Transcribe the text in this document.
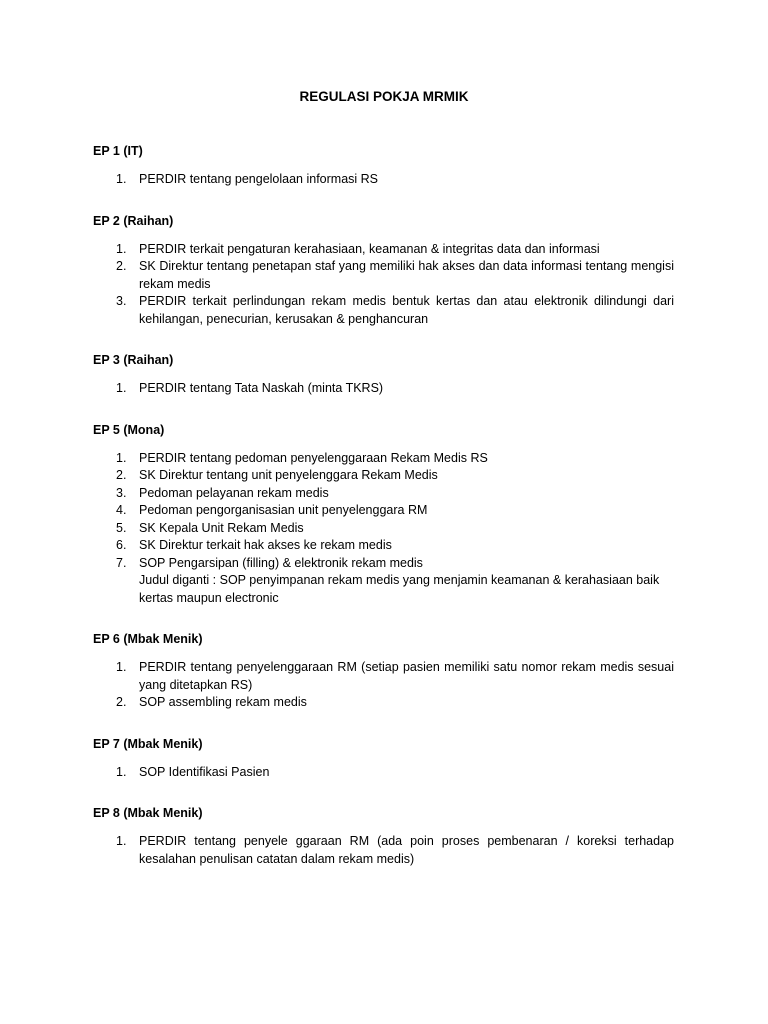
REGULASI POKJA MRMIK
EP 1 (IT)
1. PERDIR tentang pengelolaan informasi RS
EP 2 (Raihan)
1. PERDIR terkait pengaturan kerahasiaan, keamanan & integritas data dan informasi
2. SK Direktur tentang penetapan staf yang memiliki hak akses dan data informasi tentang mengisi rekam medis
3. PERDIR terkait perlindungan rekam medis bentuk kertas dan atau elektronik dilindungi dari kehilangan, penecurian, kerusakan & penghancuran
EP 3 (Raihan)
1. PERDIR tentang Tata Naskah (minta TKRS)
EP 5 (Mona)
1. PERDIR tentang pedoman penyelenggaraan Rekam Medis RS
2. SK Direktur tentang unit penyelenggara Rekam Medis
3. Pedoman pelayanan rekam medis
4. Pedoman pengorganisasian unit penyelenggara RM
5. SK Kepala Unit Rekam Medis
6. SK Direktur terkait hak akses ke rekam medis
7. SOP Pengarsipan (filling) & elektronik rekam medis
Judul diganti : SOP penyimpanan rekam medis yang menjamin keamanan & kerahasiaan baik kertas maupun electronic
EP 6 (Mbak Menik)
1. PERDIR tentang penyelenggaraan RM (setiap pasien memiliki satu nomor rekam medis sesuai yang ditetapkan RS)
2. SOP assembling rekam medis
EP 7 (Mbak Menik)
1. SOP Identifikasi Pasien
EP 8 (Mbak Menik)
1. PERDIR tentang penyele ggaraan RM (ada poin proses pembenaran / koreksi terhadap kesalahan penulisan catatan dalam rekam medis)
